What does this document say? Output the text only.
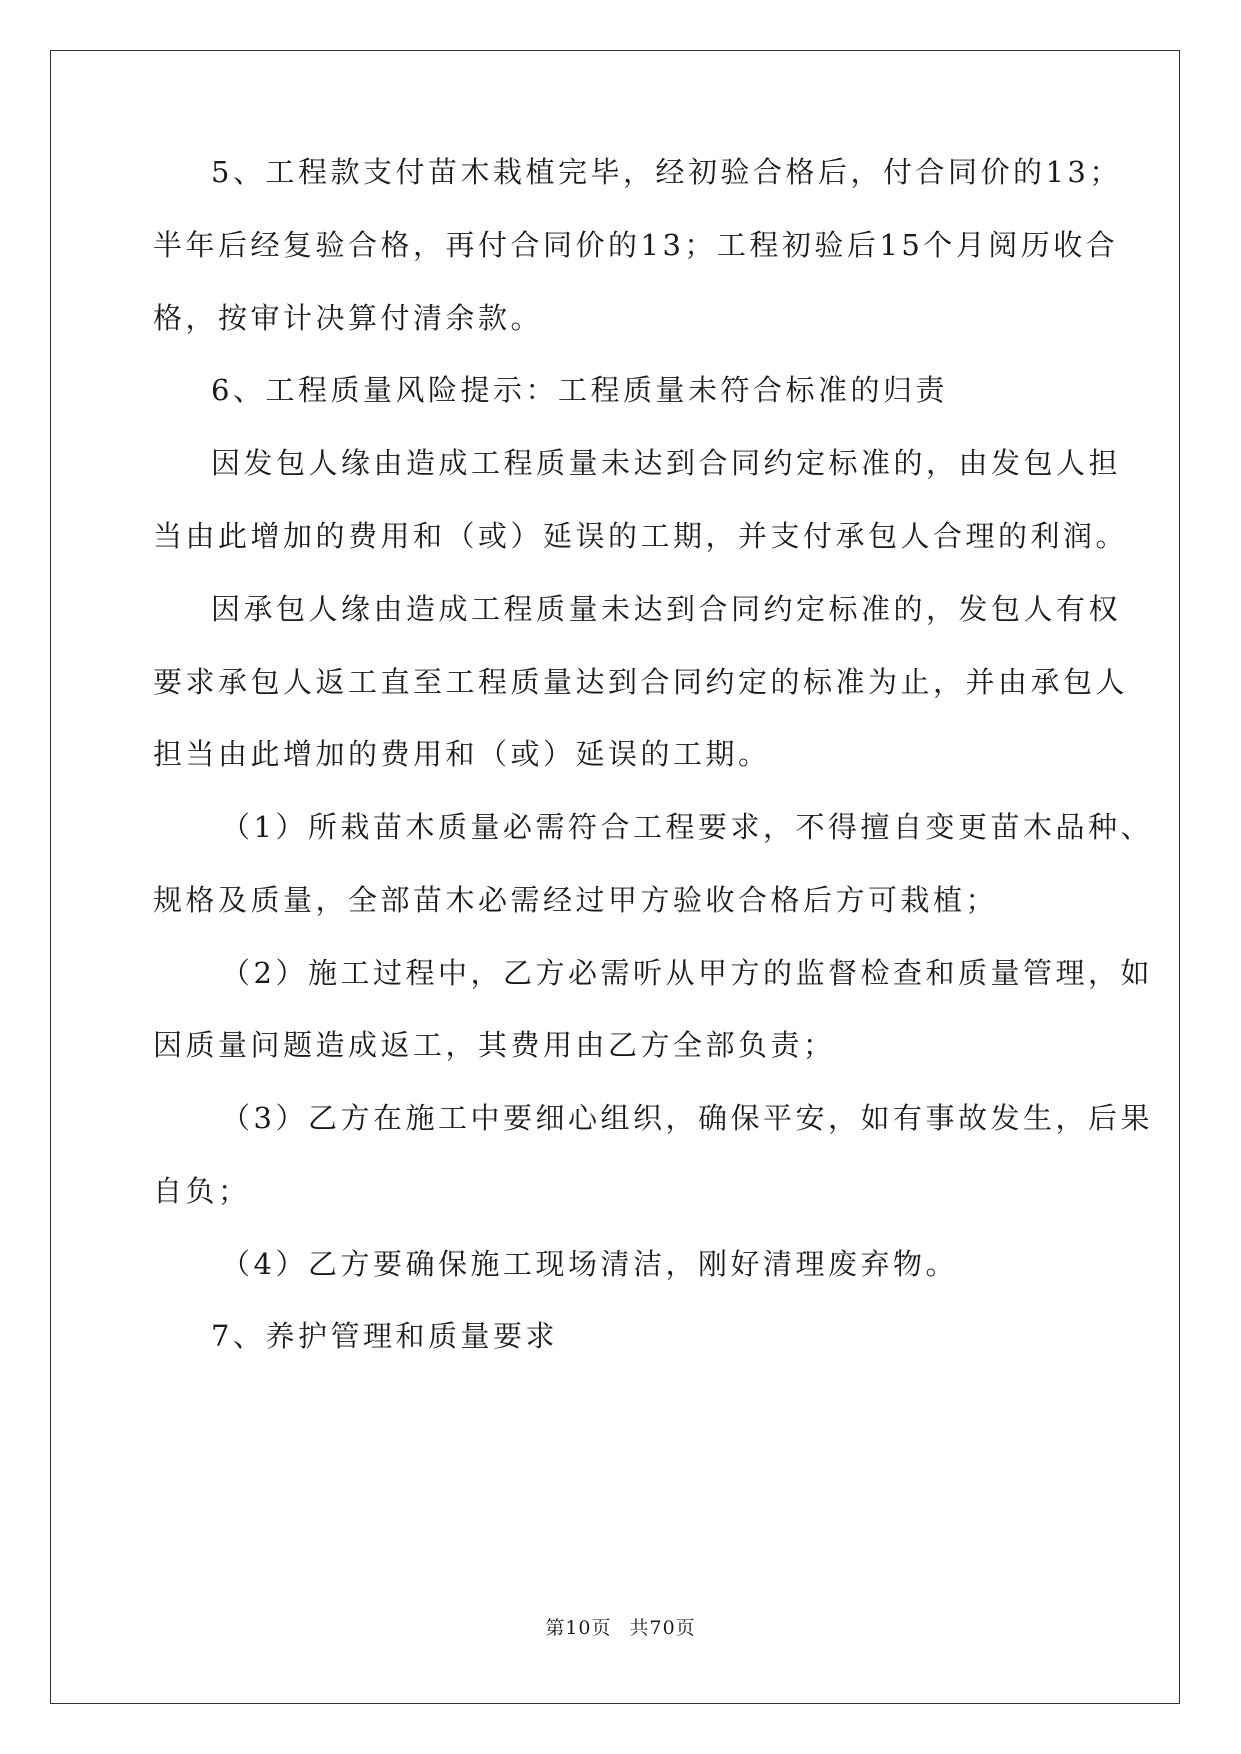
5、工程款支付苗木栽植完毕，经初验合格后，付合同价的13；
半年后经复验合格，再付合同价的13；工程初验后15个月阅历收合
格，按审计决算付清余款。
6、工程质量风险提示：工程质量未符合标准的归责
因发包人缘由造成工程质量未达到合同约定标准的，由发包人担
当由此增加的费用和（或）延误的工期，并支付承包人合理的利润。
因承包人缘由造成工程质量未达到合同约定标准的，发包人有权
要求承包人返工直至工程质量达到合同约定的标准为止，并由承包人
担当由此增加的费用和（或）延误的工期。
（1）所栽苗木质量必需符合工程要求，不得擅自变更苗木品种、
规格及质量，全部苗木必需经过甲方验收合格后方可栽植；
（2）施工过程中，乙方必需听从甲方的监督检查和质量管理，如
因质量问题造成返工，其费用由乙方全部负责；
（3）乙方在施工中要细心组织，确保平安，如有事故发生，后果
自负；
（4）乙方要确保施工现场清洁，刚好清理废弃物。
7、养护管理和质量要求
第10页 共70页
